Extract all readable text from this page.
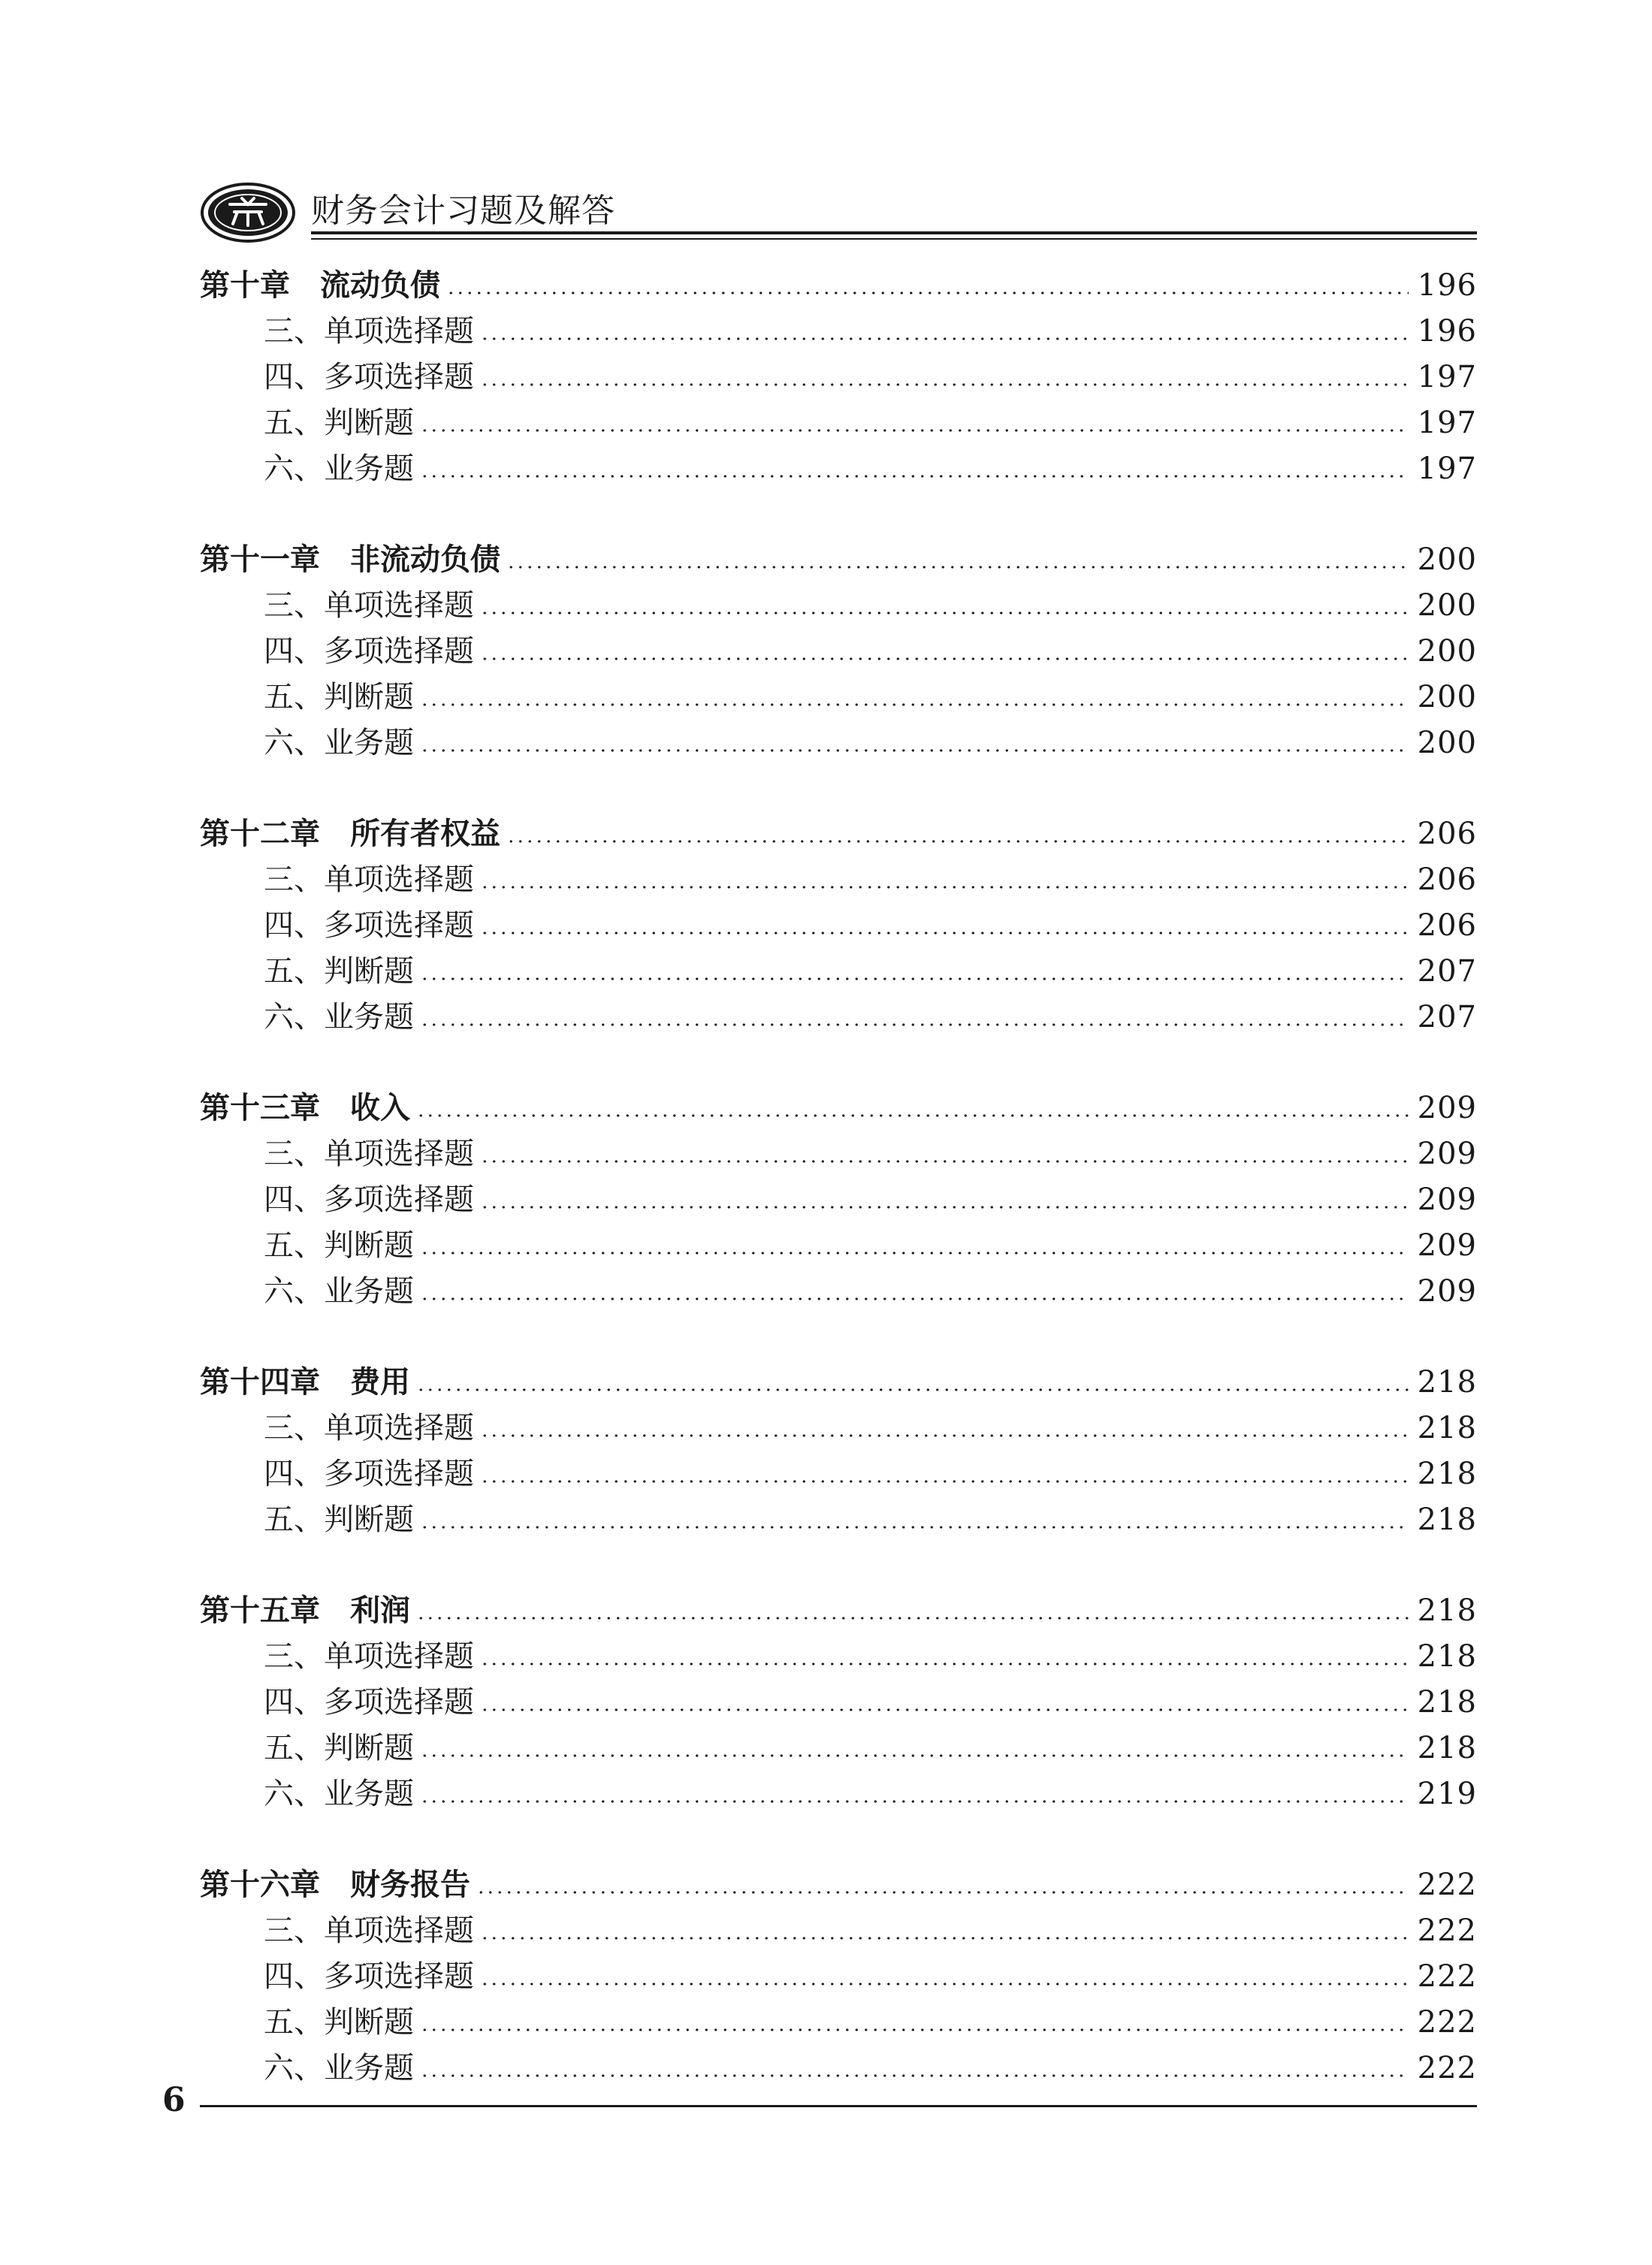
财务会计习题及解答
第十章　流动负债	196
三、单项选择题	196
四、多项选择题	197
五、判断题	197
六、业务题	197
第十一章　非流动负债	200
三、单项选择题	200
四、多项选择题	200
五、判断题	200
六、业务题	200
第十二章　所有者权益	206
三、单项选择题	206
四、多项选择题	206
五、判断题	207
六、业务题	207
第十三章　收入	209
三、单项选择题	209
四、多项选择题	209
五、判断题	209
六、业务题	209
第十四章　费用	218
三、单项选择题	218
四、多项选择题	218
五、判断题	218
第十五章　利润	218
三、单项选择题	218
四、多项选择题	218
五、判断题	218
六、业务题	219
第十六章　财务报告	222
三、单项选择题	222
四、多项选择题	222
五、判断题	222
六、业务题	222
6
